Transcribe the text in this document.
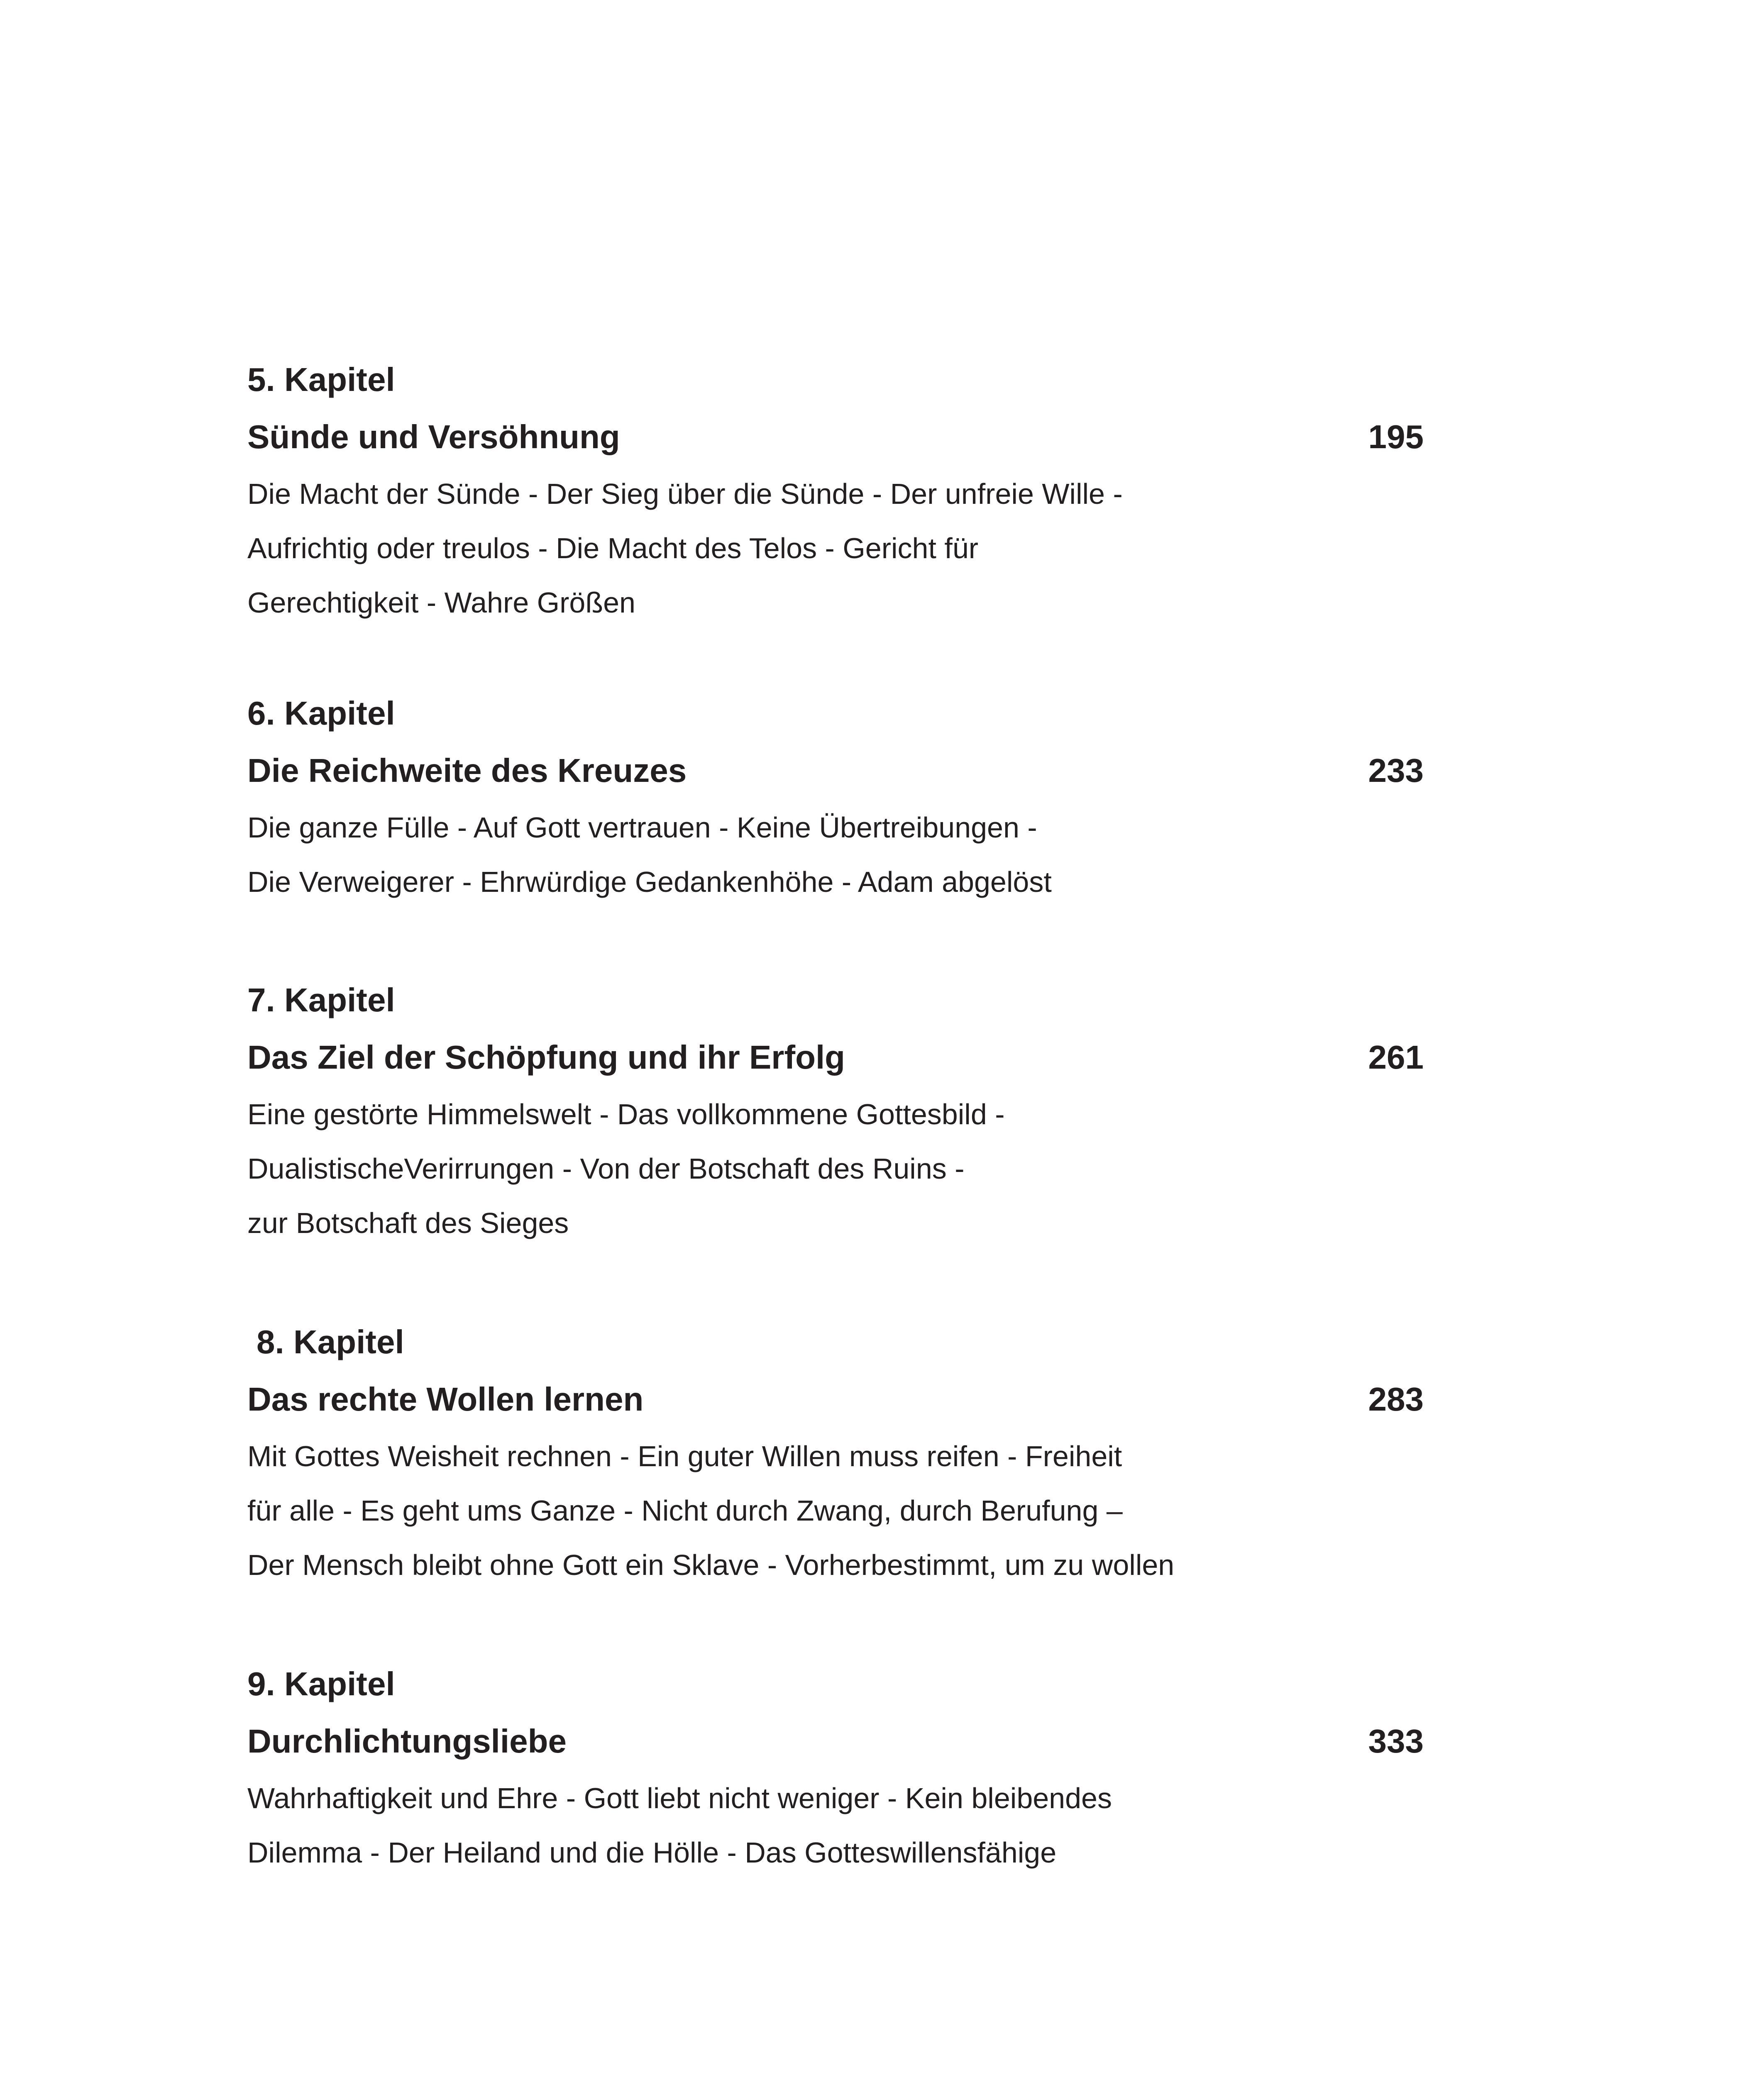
5. Kapitel
Sünde und Versöhnung	195
Die Macht der Sünde - Der Sieg über die Sünde - Der unfreie Wille -
Aufrichtig oder treulos - Die Macht des Telos - Gericht für
Gerechtigkeit - Wahre Größen
6. Kapitel
Die Reichweite des Kreuzes	233
Die ganze Fülle - Auf Gott vertrauen - Keine Übertreibungen -
Die Verweigerer - Ehrwürdige Gedankenhöhe - Adam abgelöst
7. Kapitel
Das Ziel der Schöpfung und ihr Erfolg	261
Eine gestörte Himmelswelt - Das vollkommene Gottesbild -
DualistischeVerirrungen - Von der Botschaft des Ruins -
zur Botschaft des Sieges
8. Kapitel
Das rechte Wollen lernen	283
Mit Gottes Weisheit rechnen - Ein guter Willen muss reifen - Freiheit
für alle - Es geht ums Ganze - Nicht durch Zwang, durch Berufung –
Der Mensch bleibt ohne Gott ein Sklave - Vorherbestimmt, um zu wollen
9. Kapitel
Durchlichtungsliebe	333
Wahrhaftigkeit und Ehre - Gott liebt nicht weniger - Kein bleibendes
Dilemma - Der Heiland und die Hölle - Das Gotteswillensfähige
